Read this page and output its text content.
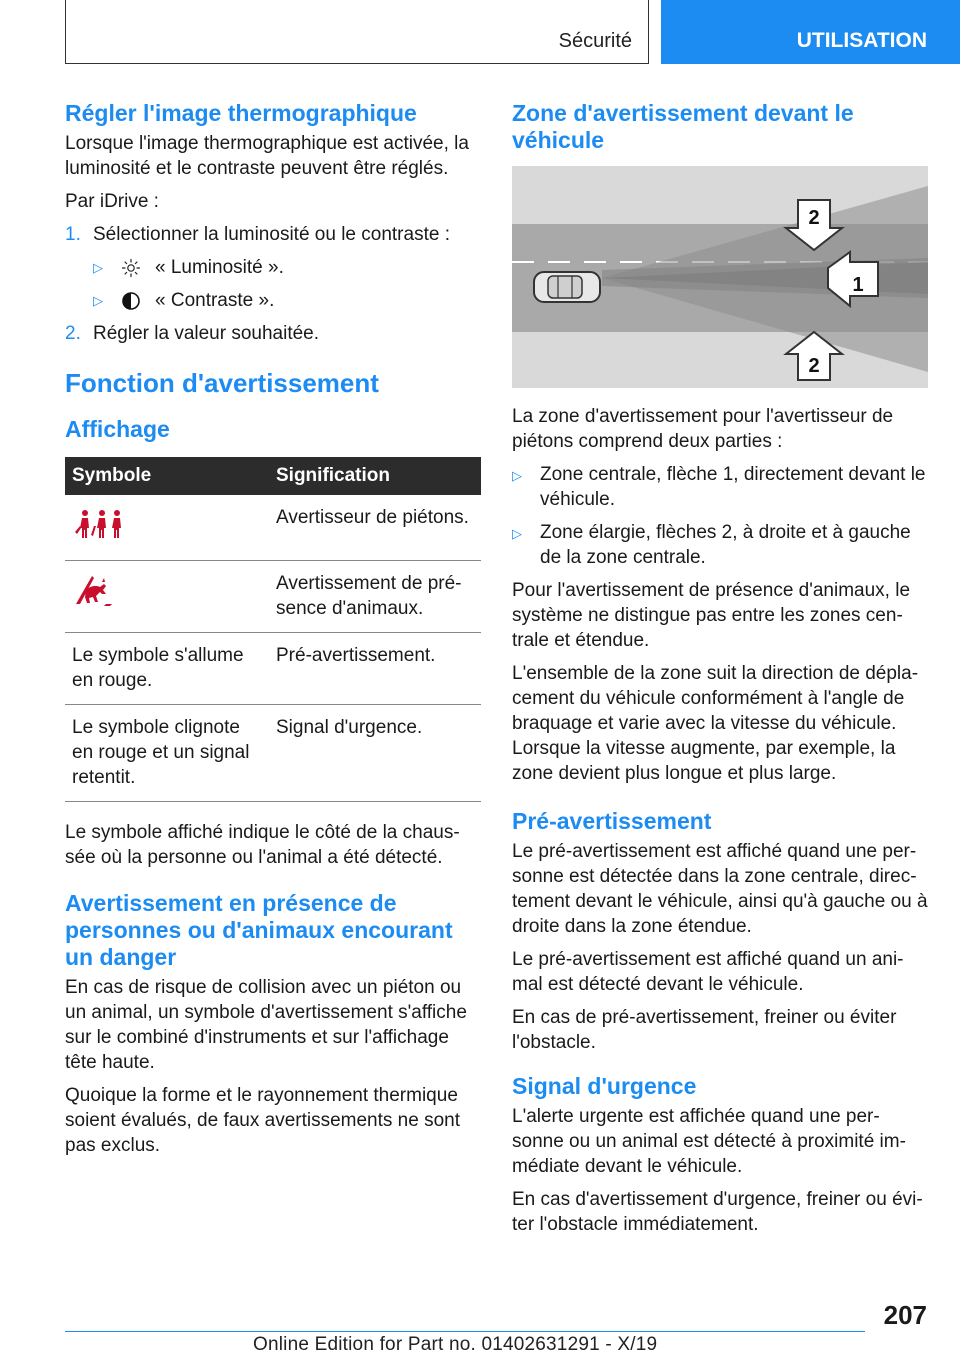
Sécurité	UTILISATION
Régler l'image thermographique

Lorsque l'image thermographique est activée, la luminosité et le contraste peuvent être réglés.

Par iDrive :

1. Sélectionner la luminosité ou le contraste :
▷	« Luminosité ».
▷	« Contraste ».
2. Régler la valeur souhaitée.
Fonction d'avertissement
Affichage
Symbole	Signification

	Avertisseur de piétons.

	Avertissement de pré-sence d'animaux.
Le symbole s'allume en rouge.	Pré-avertissement.
Le symbole clignote en rouge et un signal retentit.	Signal d'urgence.

Le symbole affiché indique le côté de la chaus-sée où la personne ou l'animal a été détecté.

Avertissement en présence de personnes ou d'animaux encourant un danger

En cas de risque de collision avec un piéton ou un animal, un symbole d'avertissement s'affiche sur le combiné d'instruments et sur l'affichage tête haute.

Quoique la forme et le rayonnement thermique soient évalués, de faux avertissements ne sont pas exclus.

Zone d'avertissement devant le véhicule
2
1
2

La zone d'avertissement pour l'avertisseur de piétons comprend deux parties :

▷ Zone centrale, flèche 1, directement devant le véhicule.
▷ Zone élargie, flèches 2, à droite et à gauche de la zone centrale.

Pour l'avertissement de présence d'animaux, le système ne distingue pas entre les zones cen-trale et étendue.

L'ensemble de la zone suit la direction de dépla-cement du véhicule conformément à l'angle de braquage et varie avec la vitesse du véhicule. Lorsque la vitesse augmente, par exemple, la zone devient plus longue et plus large.

Pré-avertissement

Le pré-avertissement est affiché quand une per-sonne est détectée dans la zone centrale, direc-tement devant le véhicule, ainsi qu'à gauche ou à droite dans la zone étendue.

Le pré-avertissement est affiché quand un ani-mal est détecté devant le véhicule.

En cas de pré-avertissement, freiner ou éviter l'obstacle.

Signal d'urgence

L'alerte urgente est affichée quand une per-sonne ou un animal est détecté à proximité im-médiate devant le véhicule.

En cas d'avertissement d'urgence, freiner ou évi-ter l'obstacle immédiatement.

207
Online Edition for Part no. 01402631291 - X/19
